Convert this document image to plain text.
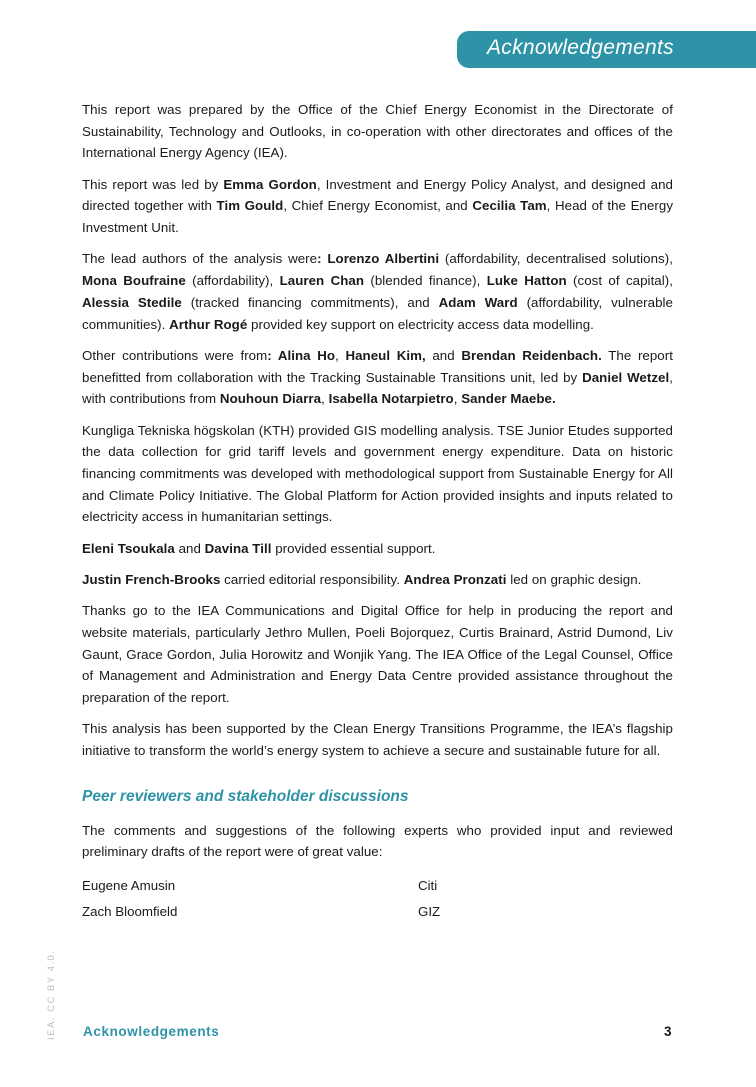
Acknowledgements

This report was prepared by the Office of the Chief Energy Economist in the Directorate of Sustainability, Technology and Outlooks, in co-operation with other directorates and offices of the International Energy Agency (IEA).

This report was led by Emma Gordon, Investment and Energy Policy Analyst, and designed and directed together with Tim Gould, Chief Energy Economist, and Cecilia Tam, Head of the Energy Investment Unit.

The lead authors of the analysis were: Lorenzo Albertini (affordability, decentralised solutions), Mona Boufraine (affordability), Lauren Chan (blended finance), Luke Hatton (cost of capital), Alessia Stedile (tracked financing commitments), and Adam Ward (affordability, vulnerable communities). Arthur Rogé provided key support on electricity access data modelling.

Other contributions were from: Alina Ho, Haneul Kim, and Brendan Reidenbach. The report benefitted from collaboration with the Tracking Sustainable Transitions unit, led by Daniel Wetzel, with contributions from Nouhoun Diarra, Isabella Notarpietro, Sander Maebe.

Kungliga Tekniska högskolan (KTH) provided GIS modelling analysis. TSE Junior Etudes supported the data collection for grid tariff levels and government energy expenditure. Data on historic financing commitments was developed with methodological support from Sustainable Energy for All and Climate Policy Initiative. The Global Platform for Action provided insights and inputs related to electricity access in humanitarian settings.

Eleni Tsoukala and Davina Till provided essential support.

Justin French-Brooks carried editorial responsibility. Andrea Pronzati led on graphic design.

Thanks go to the IEA Communications and Digital Office for help in producing the report and website materials, particularly Jethro Mullen, Poeli Bojorquez, Curtis Brainard, Astrid Dumond, Liv Gaunt, Grace Gordon, Julia Horowitz and Wonjik Yang. The IEA Office of the Legal Counsel, Office of Management and Administration and Energy Data Centre provided assistance throughout the preparation of the report.

This analysis has been supported by the Clean Energy Transitions Programme, the IEA’s flagship initiative to transform the world’s energy system to achieve a secure and sustainable future for all.

Peer reviewers and stakeholder discussions

The comments and suggestions of the following experts who provided input and reviewed preliminary drafts of the report were of great value:

Eugene Amusin	Citi
Zach Bloomfield	GIZ
IEA. CC BY 4.0. Acknowledgements	3
